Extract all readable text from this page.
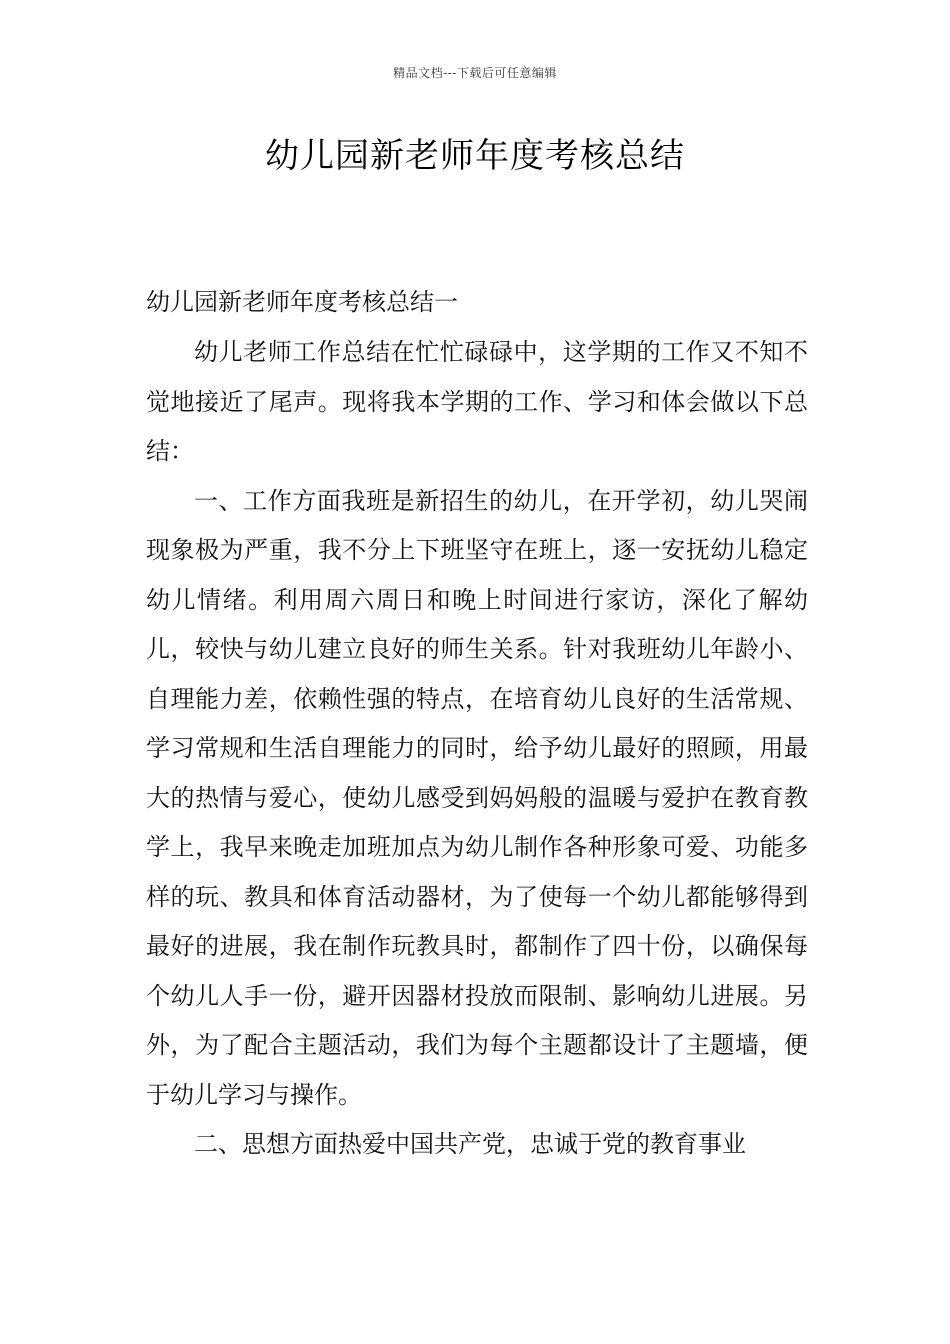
精品文档---下载后可任意编辑
幼儿园新老师年度考核总结
幼儿园新老师年度考核总结一

幼儿老师工作总结在忙忙碌碌中，这学期的工作又不知不觉地接近了尾声。现将我本学期的工作、学习和体会做以下总结：

一、工作方面我班是新招生的幼儿，在开学初，幼儿哭闹现象极为严重，我不分上下班坚守在班上，逐一安抚幼儿稳定幼儿情绪。利用周六周日和晚上时间进行家访，深化了解幼儿，较快与幼儿建立良好的师生关系。针对我班幼儿年龄小、自理能力差，依赖性强的特点，在培育幼儿良好的生活常规、学习常规和生活自理能力的同时，给予幼儿最好的照顾，用最大的热情与爱心，使幼儿感受到妈妈般的温暖与爱护在教育教学上，我早来晚走加班加点为幼儿制作各种形象可爱、功能多样的玩、教具和体育活动器材，为了使每一个幼儿都能够得到最好的进展，我在制作玩教具时，都制作了四十份，以确保每个幼儿人手一份，避开因器材投放而限制、影响幼儿进展。另外，为了配合主题活动，我们为每个主题都设计了主题墙，便于幼儿学习与操作。

二、思想方面热爱中国共产党，忠诚于党的教育事业
